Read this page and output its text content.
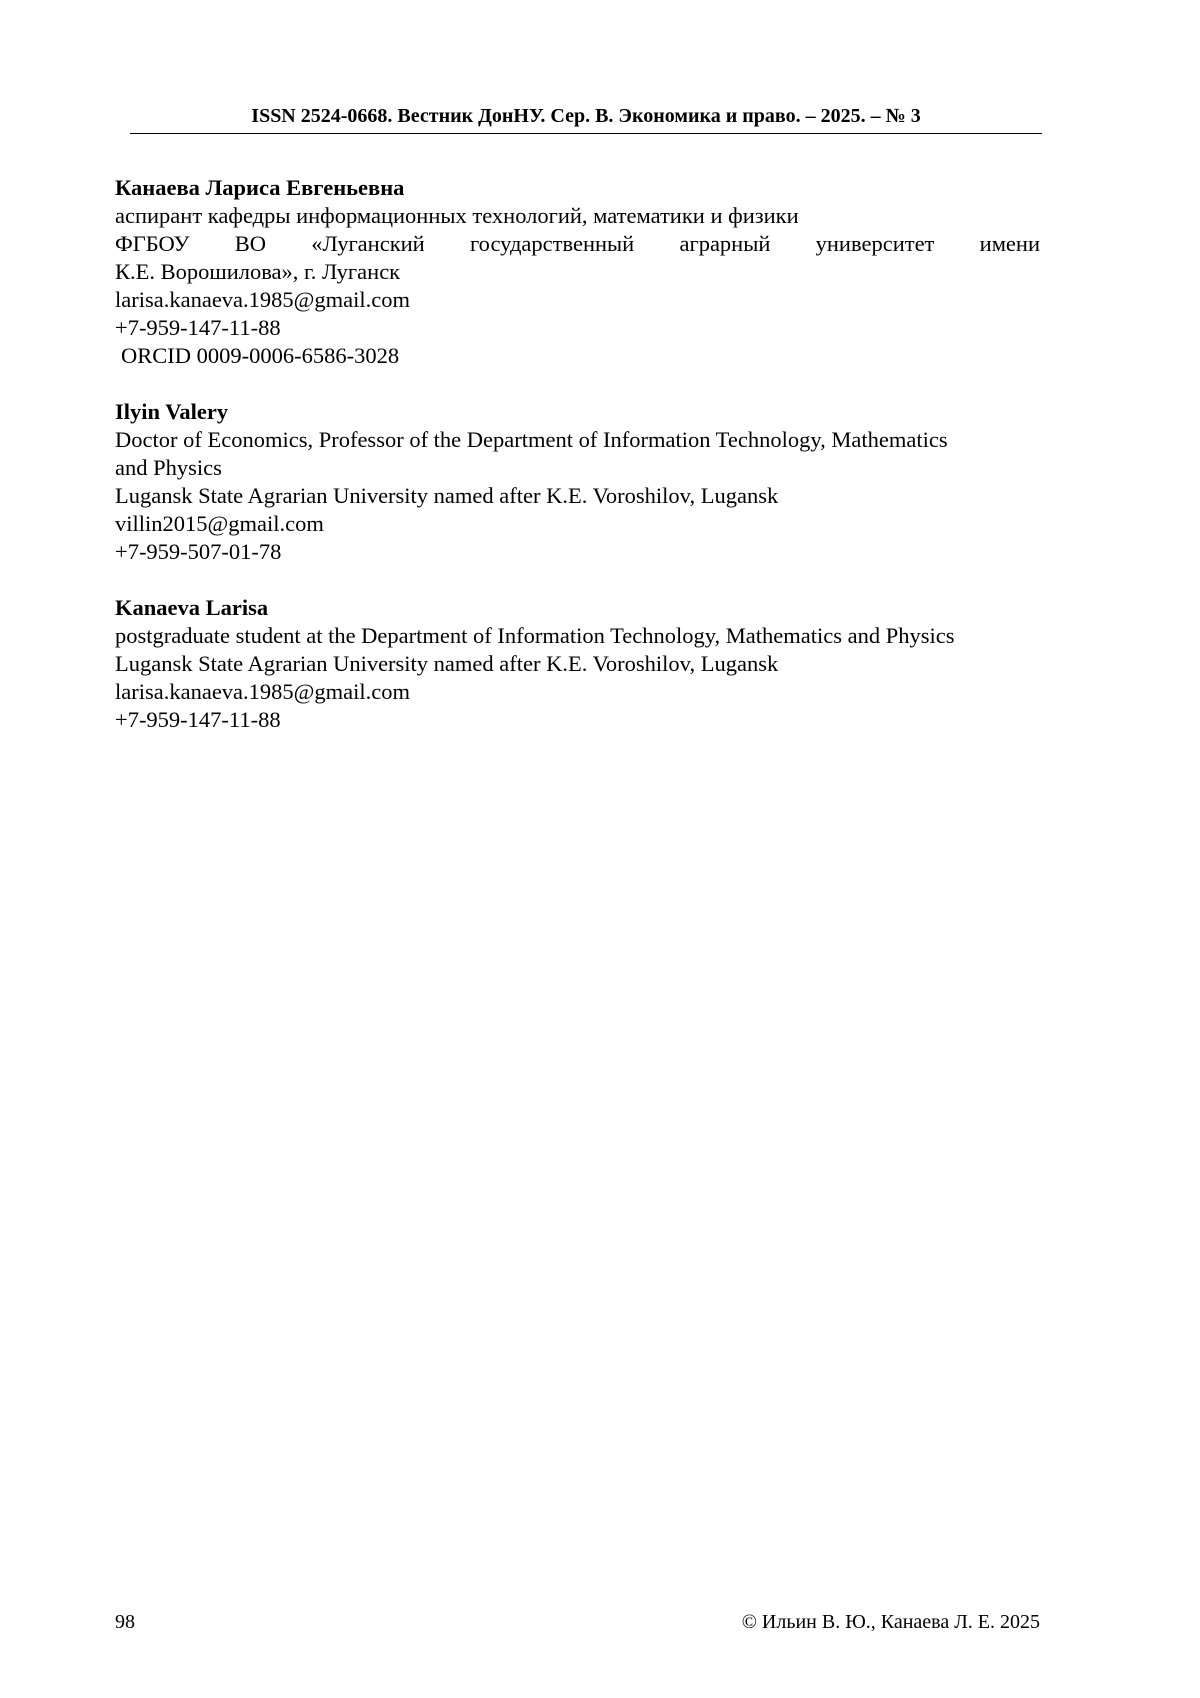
ISSN 2524-0668. Вестник ДонНУ. Сер. В. Экономика и право. – 2025. – № 3
Канаева Лариса Евгеньевна
аспирант кафедры информационных технологий, математики и физики
ФГБОУ ВО «Луганский государственный аграрный университет имени
К.Е. Ворошилова», г. Луганск
larisa.kanaeva.1985@gmail.com
+7-959-147-11-88
ORCID 0009-0006-6586-3028
Ilyin Valery
Doctor of Economics, Professor of the Department of Information Technology, Mathematics
and Physics
Lugansk State Agrarian University named after K.E. Voroshilov, Lugansk
villin2015@gmail.com
+7-959-507-01-78
Kanaeva Larisa
postgraduate student at the Department of Information Technology, Mathematics and Physics
Lugansk State Agrarian University named after K.E. Voroshilov, Lugansk
larisa.kanaeva.1985@gmail.com
+7-959-147-11-88
98	© Ильин В. Ю., Канаева Л. Е. 2025
